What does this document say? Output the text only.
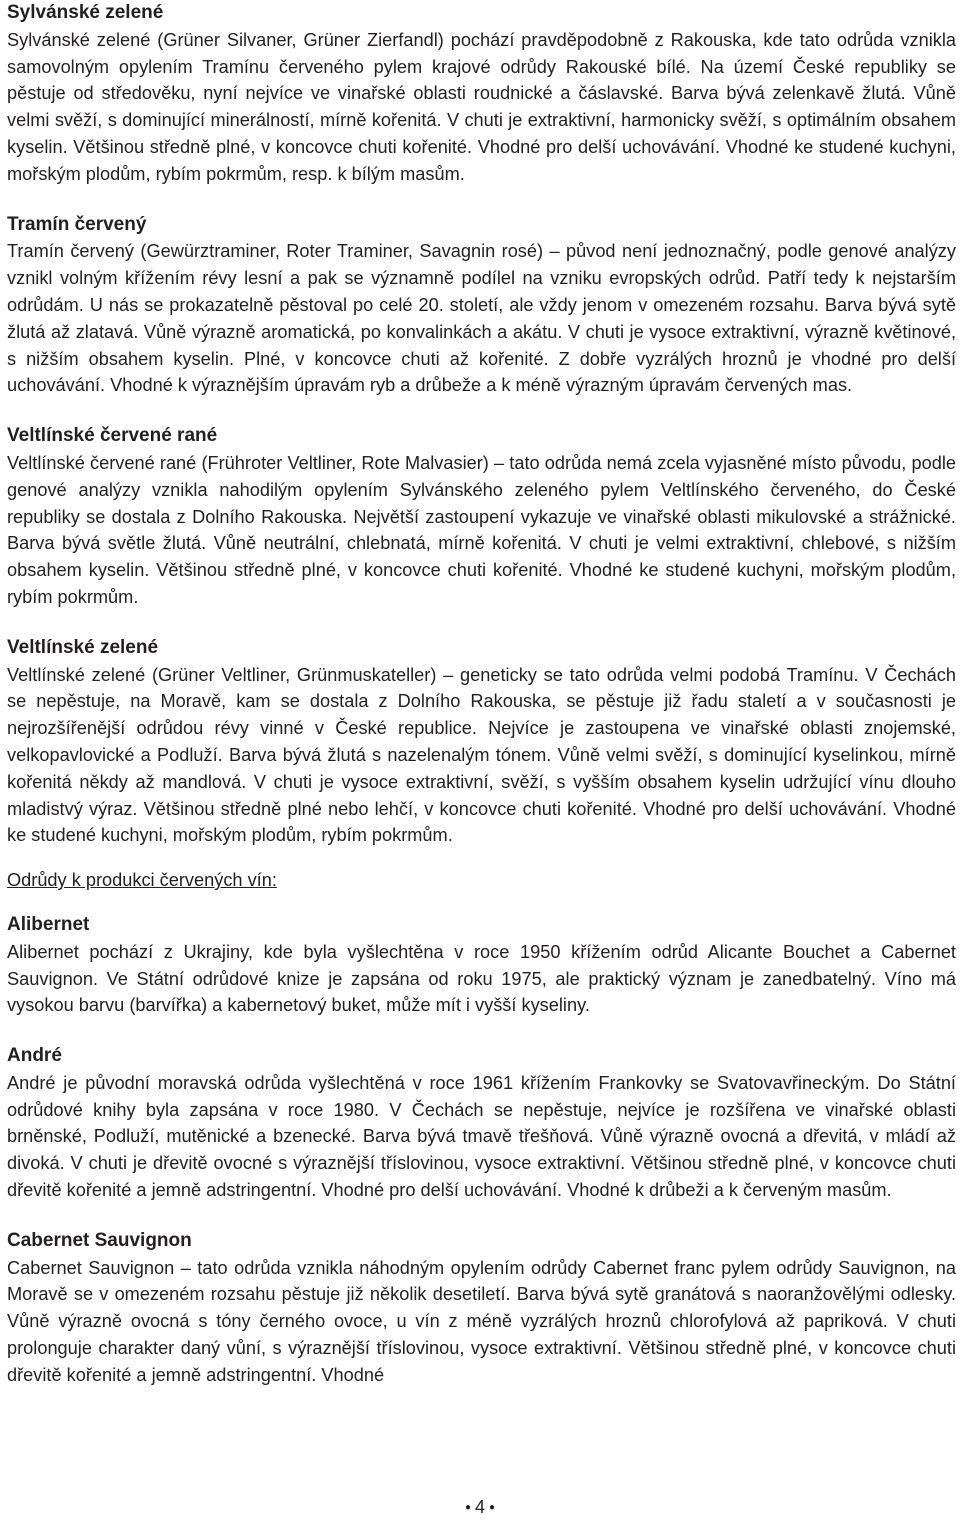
Sylvánské zelené

Sylvánské zelené (Grüner Silvaner, Grüner Zierfandl) pochází pravděpodobně z Rakouska, kde tato odrůda vznikla samovolným opylením Tramínu červeného pylem krajové odrůdy Rakouské bílé. Na území České republiky se pěstuje od středověku, nyní nejvíce ve vinařské oblasti roudnické a čáslavské. Barva bývá zelenkavě žlutá. Vůně velmi svěží, s dominující minerálností, mírně kořenitá. V chuti je extraktivní, harmonicky svěží, s optimálním obsahem kyselin. Většinou středně plné, v koncovce chuti kořenité. Vhodné pro delší uchovávání. Vhodné ke studené kuchyni, mořským plodům, rybím pokrmům, resp. k bílým masům.

Tramín červený

Tramín červený (Gewürztraminer, Roter Traminer, Savagnin rosé) – původ není jednoznačný, podle genové analýzy vznikl volným křížením révy lesní a pak se významně podílel na vzniku evropských odrůd. Patří tedy k nejstarším odrůdám. U nás se prokazatelně pěstoval po celé 20. století, ale vždy jenom v omezeném rozsahu. Barva bývá sytě žlutá až zlatavá. Vůně výrazně aromatická, po konvalinkách a akátu. V chuti je vysoce extraktivní, výrazně květinové, s nižším obsahem kyselin. Plné, v koncovce chuti až kořenité. Z dobře vyzrálých hroznů je vhodné pro delší uchovávání. Vhodné k výraznějším úpravám ryb a drůbeže a k méně výrazným úpravám červených mas.

Veltlínské červené rané

Veltlínské červené rané (Frühroter Veltliner, Rote Malvasier) – tato odrůda nemá zcela vyjasněné místo původu, podle genové analýzy vznikla nahodilým opylením Sylvánského zeleného pylem Veltlínského červeného, do České republiky se dostala z Dolního Rakouska. Největší zastoupení vykazuje ve vinařské oblasti mikulovské a strážnické. Barva bývá světle žlutá. Vůně neutrální, chlebnatá, mírně kořenitá. V chuti je velmi extraktivní, chlebové, s nižším obsahem kyselin. Většinou středně plné, v koncovce chuti kořenité. Vhodné ke studené kuchyni, mořským plodům, rybím pokrmům.

Veltlínské zelené

Veltlínské zelené (Grüner Veltliner, Grünmuskateller) – geneticky se tato odrůda velmi podobá Tramínu. V Čechách se nepěstuje, na Moravě, kam se dostala z Dolního Rakouska, se pěstuje již řadu staletí a v současnosti je nejrozšířenější odrůdou révy vinné v České republice. Nejvíce je zastoupena ve vinařské oblasti znojemské, velkopavlovické a Podluží. Barva bývá žlutá s nazelenalým tónem. Vůně velmi svěží, s dominující kyselinkou, mírně kořenitá někdy až mandlová. V chuti je vysoce extraktivní, svěží, s vyšším obsahem kyselin udržující vínu dlouho mladistvý výraz. Většinou středně plné nebo lehčí, v koncovce chuti kořenité. Vhodné pro delší uchovávání. Vhodné ke studené kuchyni, mořským plodům, rybím pokrmům.

Odrůdy k produkci červených vín:

Alibernet

Alibernet pochází z Ukrajiny, kde byla vyšlechtěna v roce 1950 křížením odrůd Alicante Bouchet a Cabernet Sauvignon. Ve Státní odrůdové knize je zapsána od roku 1975, ale praktický význam je zanedbatelný. Víno má vysokou barvu (barvířka) a kabernetový buket, může mít i vyšší kyseliny.

André

André je původní moravská odrůda vyšlechtěná v roce 1961 křížením Frankovky se Svatovavřineckým. Do Státní odrůdové knihy byla zapsána v roce 1980. V Čechách se nepěstuje, nejvíce je rozšířena ve vinařské oblasti brněnské, Podluží, mutěnické a bzenecké. Barva bývá tmavě třešňová. Vůně výrazně ovocná a dřevitá, v mládí až divoká. V chuti je dřevitě ovocné s výraznější tříslovinou, vysoce extraktivní. Většinou středně plné, v koncovce chuti dřevitě kořenité a jemně adstringentní. Vhodné pro delší uchovávání. Vhodné k drůbeži a k červeným masům.

Cabernet Sauvignon

Cabernet Sauvignon – tato odrůda vznikla náhodným opylením odrůdy Cabernet franc pylem odrůdy Sauvignon, na Moravě se v omezeném rozsahu pěstuje již několik desetiletí. Barva bývá sytě granátová s naoranžovělými odlesky. Vůně výrazně ovocná s tóny černého ovoce, u vín z méně vyzrálých hroznů chlorofylová až papriková. V chuti prolonguje charakter daný vůní, s výraznější tříslovinou, vysoce extraktivní. Většinou středně plné, v koncovce chuti dřevitě kořenité a jemně adstringentní. Vhodné

● 4 ●
